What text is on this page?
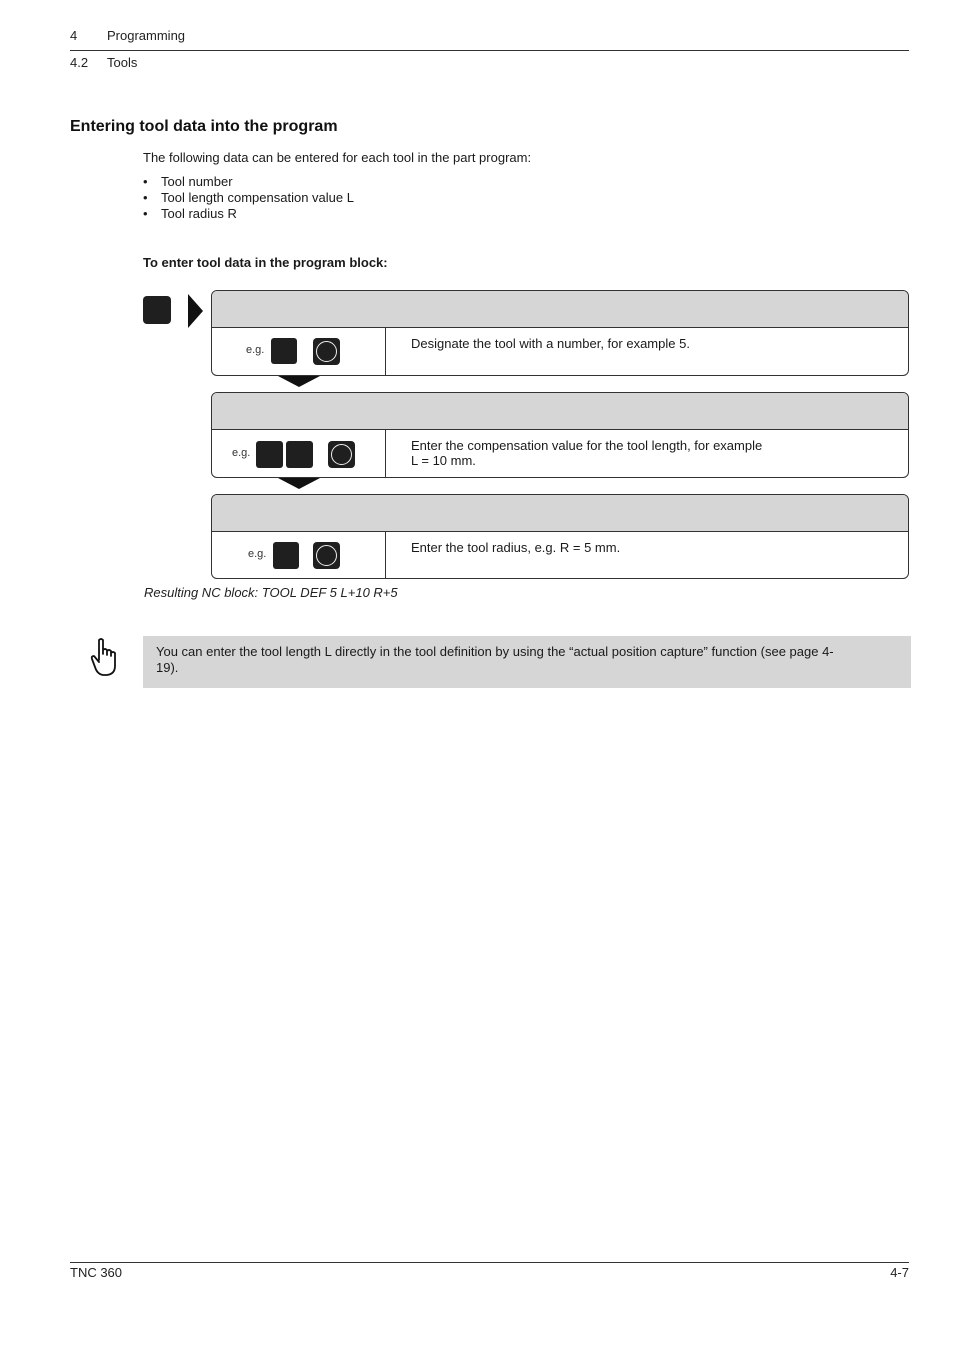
4 Programming
4.2 Tools
Entering tool data into the program
The following data can be entered for each tool in the part program:
• Tool number
• Tool length compensation value L
• Tool radius R
To enter tool data in the program block:
e.g.	Designate the tool with a number, for example 5.
e.g.	Enter the compensation value for the tool length, for example
L = 10 mm.
e.g.	Enter the tool radius, e.g. R = 5 mm.
Resulting NC block: TOOL DEF 5 L+10 R+5
You can enter the tool length L directly in the tool definition by using the “actual position capture” function (see page 4-19).
TNC 360	4-7
